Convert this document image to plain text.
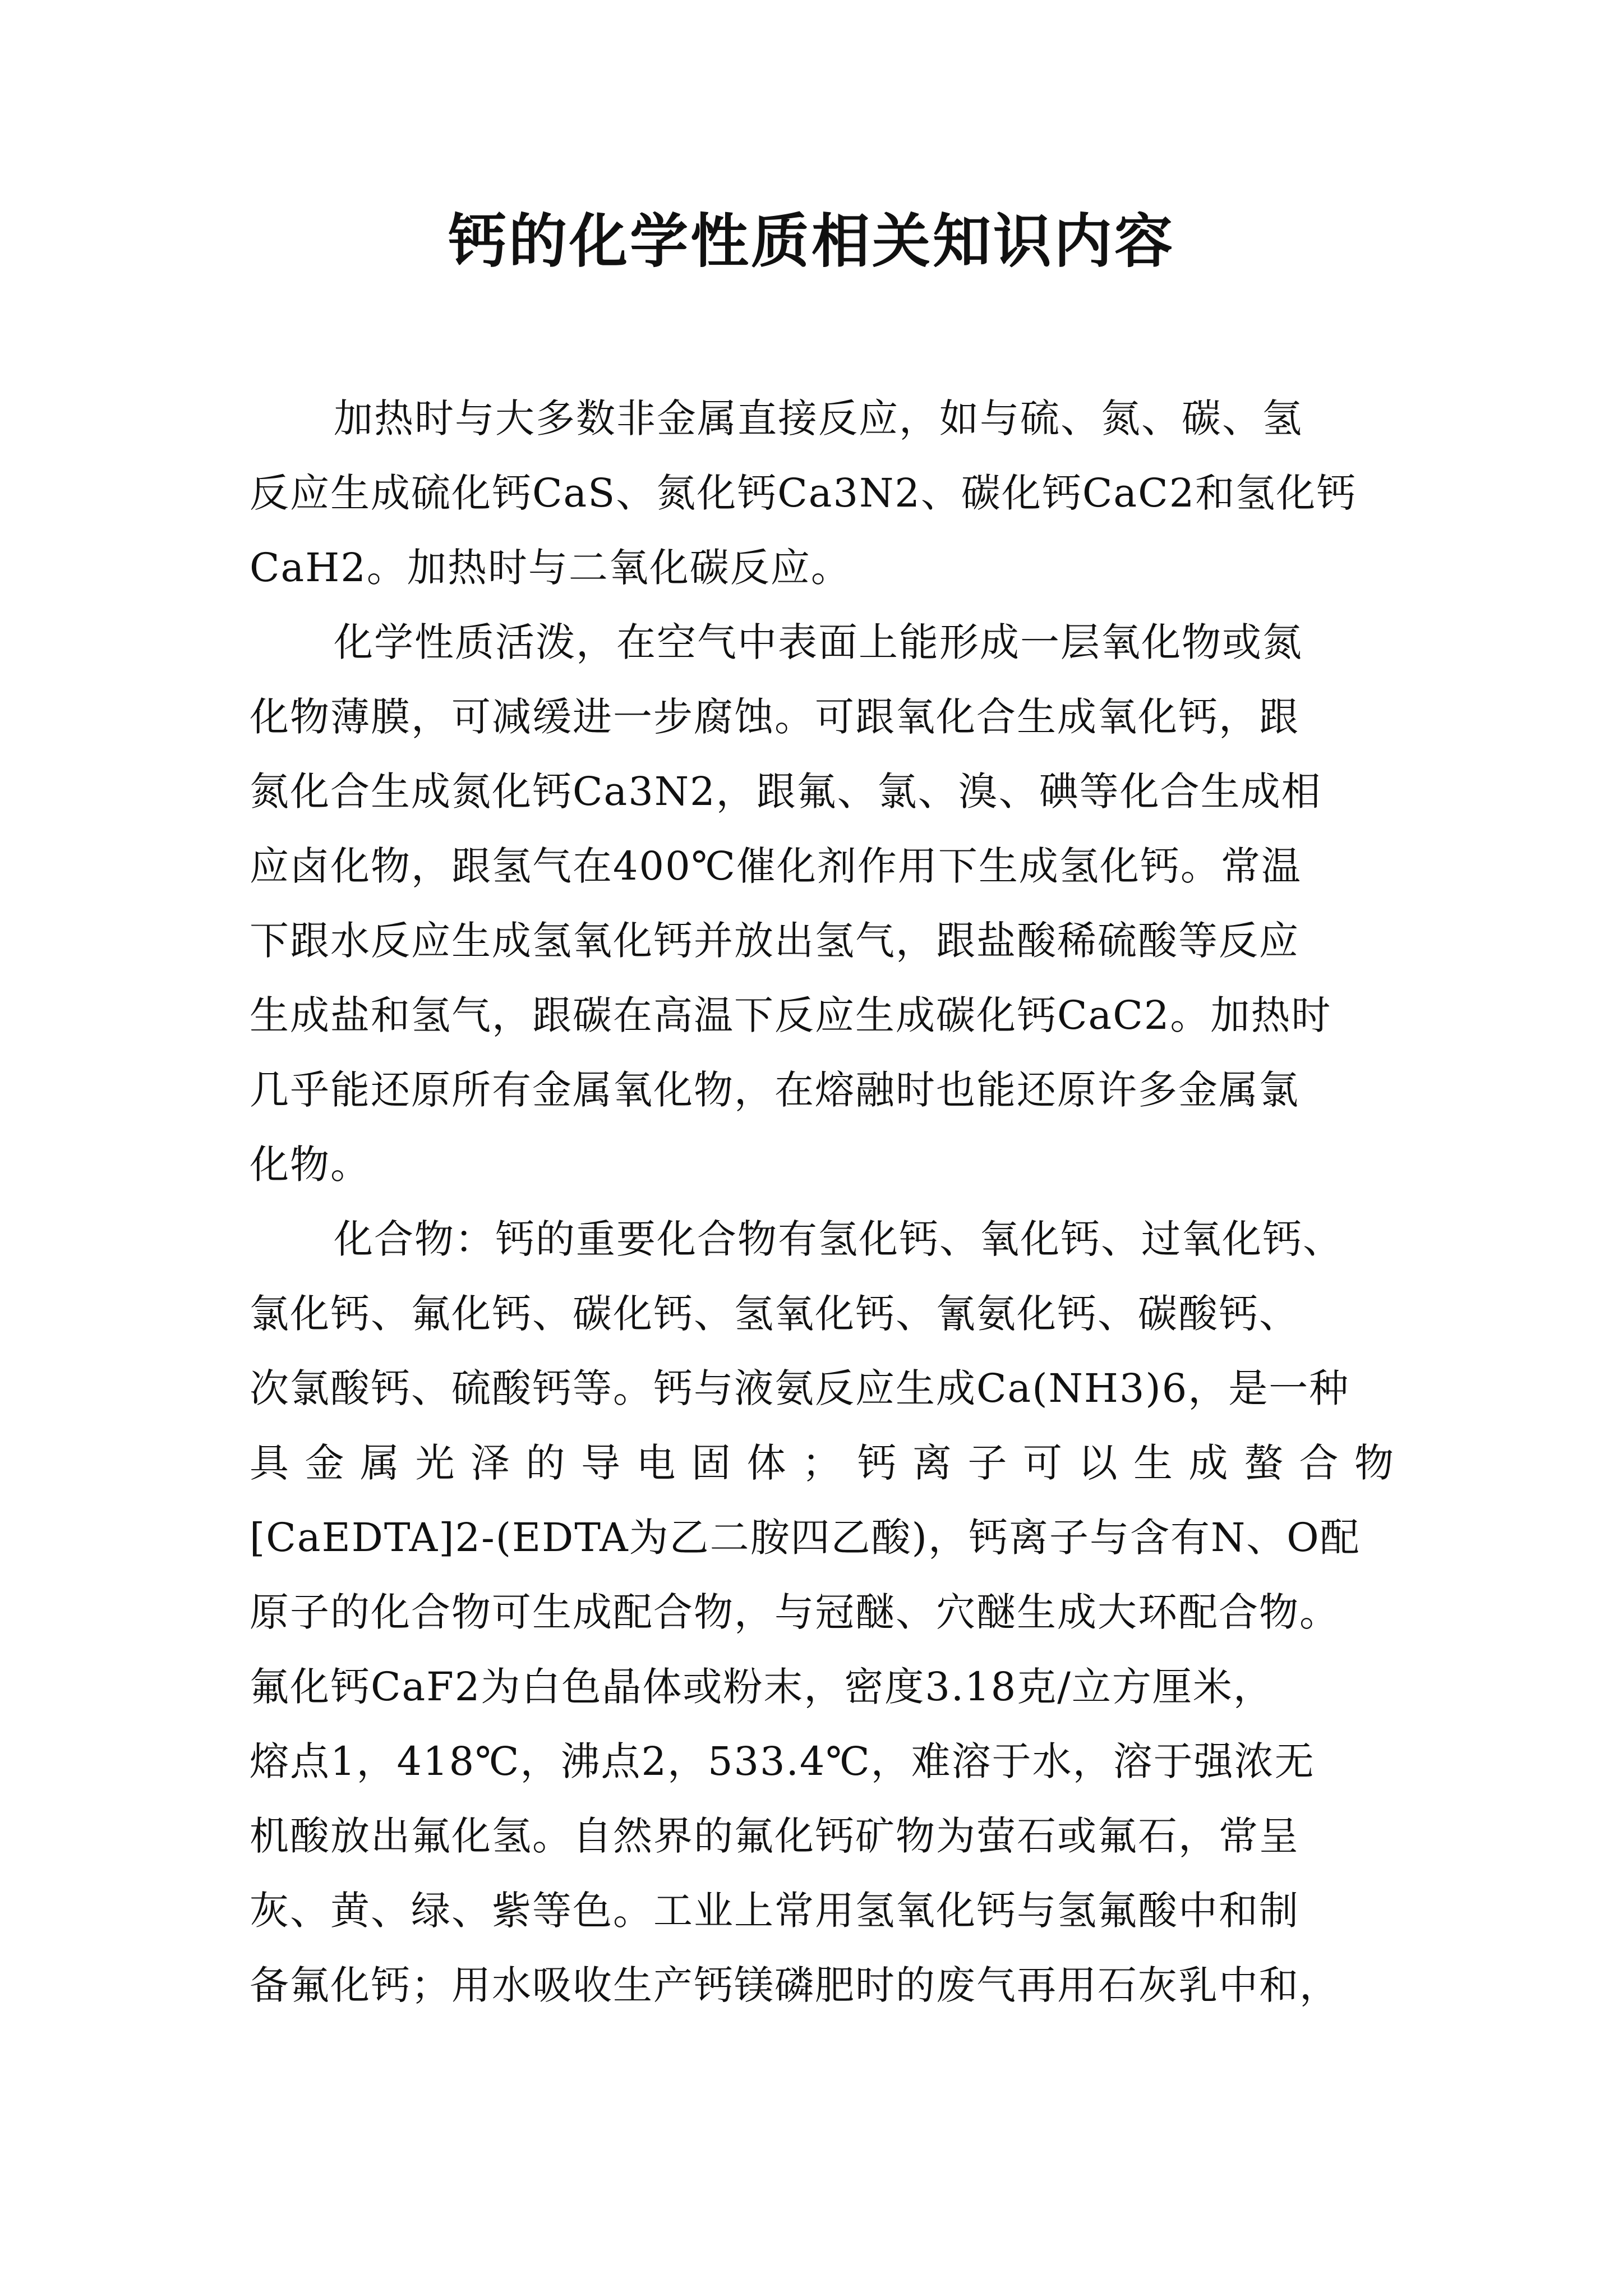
钙的化学性质相关知识内容
加热时与大多数非金属直接反应，如与硫、氮、碳、氢
反应生成硫化钙CaS、氮化钙Ca3N2、碳化钙CaC2和氢化钙
CaH2。加热时与二氧化碳反应。
化学性质活泼，在空气中表面上能形成一层氧化物或氮
化物薄膜，可减缓进一步腐蚀。可跟氧化合生成氧化钙，跟
氮化合生成氮化钙Ca3N2，跟氟、氯、溴、碘等化合生成相
应卤化物，跟氢气在400℃催化剂作用下生成氢化钙。常温
下跟水反应生成氢氧化钙并放出氢气，跟盐酸稀硫酸等反应
生成盐和氢气，跟碳在高温下反应生成碳化钙CaC2。加热时
几乎能还原所有金属氧化物，在熔融时也能还原许多金属氯
化物。
化合物：钙的重要化合物有氢化钙、氧化钙、过氧化钙、
氯化钙、氟化钙、碳化钙、氢氧化钙、氰氨化钙、碳酸钙、
次氯酸钙、硫酸钙等。钙与液氨反应生成Ca(NH3)6，是一种
具金属光泽的导电固体；钙离子可以生成螯合物
[CaEDTA]2-(EDTA为乙二胺四乙酸)，钙离子与含有N、O配
原子的化合物可生成配合物，与冠醚、穴醚生成大环配合物。
氟化钙CaF2为白色晶体或粉末，密度3.18克/立方厘米，
熔点1，418℃，沸点2，533.4℃，难溶于水，溶于强浓无
机酸放出氟化氢。自然界的氟化钙矿物为萤石或氟石，常呈
灰、黄、绿、紫等色。工业上常用氢氧化钙与氢氟酸中和制
备氟化钙；用水吸收生产钙镁磷肥时的废气再用石灰乳中和，
